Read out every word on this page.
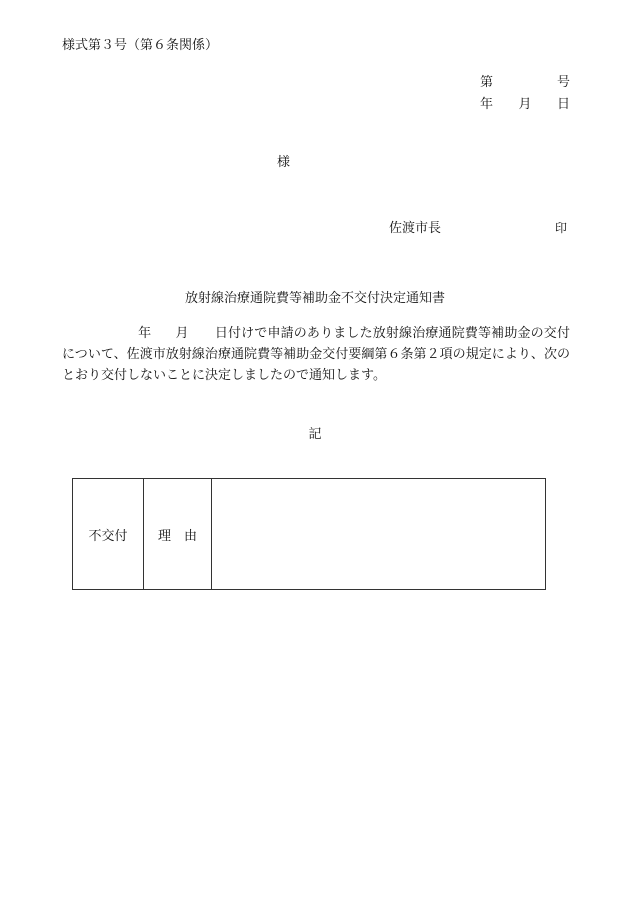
様式第３号（第６条関係）
第	号
年 月 日
様
佐渡市長	印
放射線治療通院費等補助金不交付決定通知書

年 月 日付けで申請のありました放射線治療通院費等補助金の交付について、佐渡市放射線治療通院費等補助金交付要綱第６条第２項の規定により、次のとおり交付しないことに決定しましたので通知します。

記
不交付	理　由	
